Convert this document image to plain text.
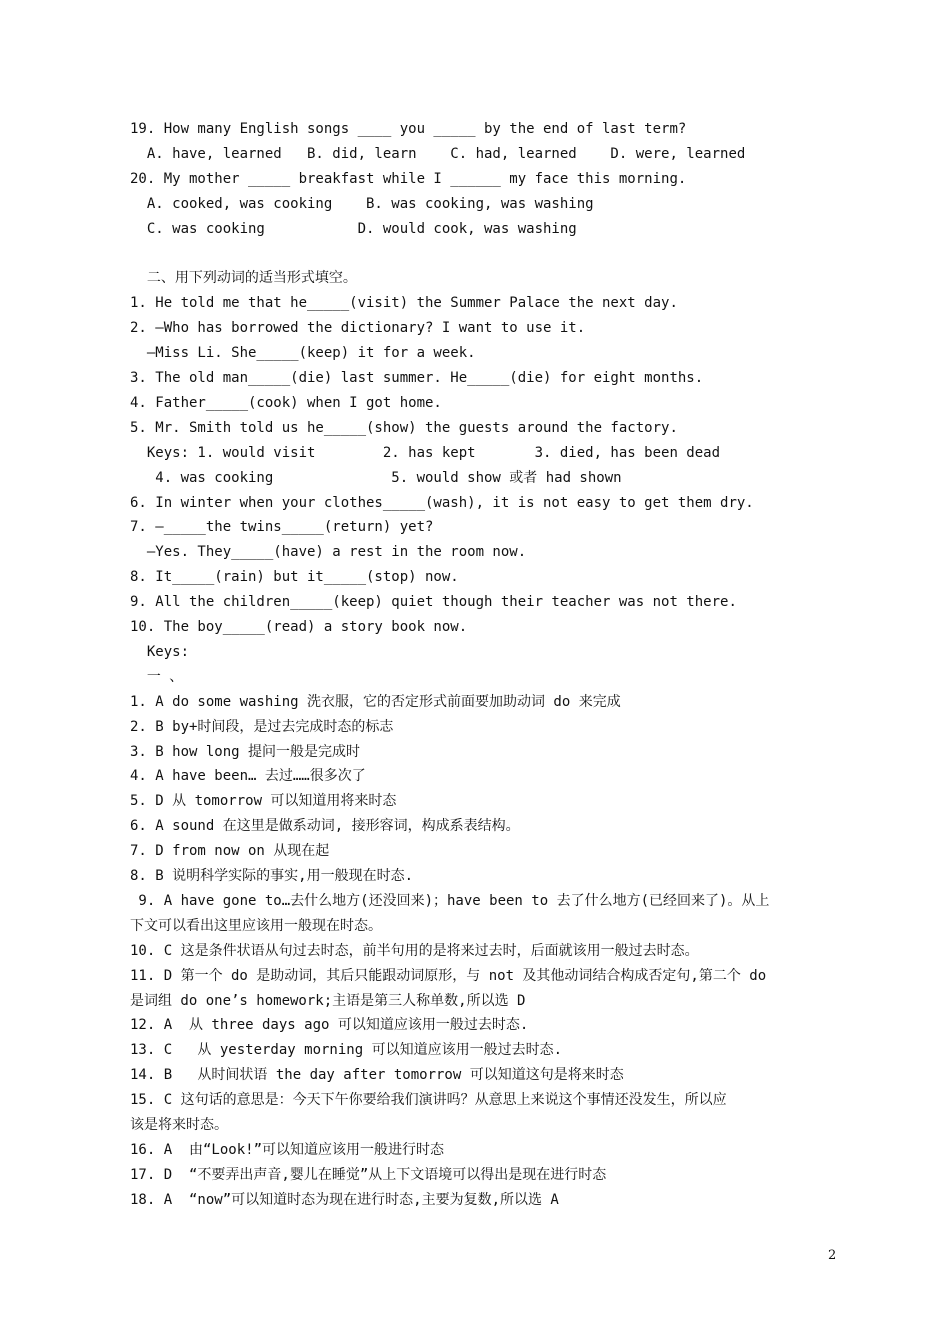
19. How many English songs ____ you _____ by the end of last term?
A. have, learned   B. did, learn    C. had, learned    D. were, learned
20. My mother _____ breakfast while I ______ my face this morning.
A. cooked, was cooking    B. was cooking, was washing
C. was cooking           D. would cook, was washing
二、用下列动词的适当形式填空。
1. He told me that he_____(visit) the Summer Palace the next day.
2. —Who has borrowed the dictionary? I want to use it.
—Miss Li. She_____(keep) it for a week.
3. The old man_____(die) last summer. He_____(die) for eight months.
4. Father_____(cook) when I got home.
5. Mr. Smith told us he_____(show) the guests around the factory.
Keys: 1. would visit        2. has kept       3. died, has been dead
4. was cooking              5. would show 或者 had shown
6. In winter when your clothes_____(wash), it is not easy to get them dry.
7. —_____the twins_____(return) yet?
—Yes. They_____(have) a rest in the room now.
8. It_____(rain) but it_____(stop) now.
9. All the children_____(keep) quiet though their teacher was not there.
10. The boy_____(read) a story book now.
Keys:
一 、
1. A do some washing 洗衣服，它的否定形式前面要加助动词 do 来完成
2. B by+时间段，是过去完成时态的标志
3. B how long 提问一般是完成时
4. A have been… 去过……很多次了
5. D 从 tomorrow 可以知道用将来时态
6. A sound 在这里是做系动词, 接形容词，构成系表结构。
7. D from now on 从现在起
8. B 说明科学实际的事实,用一般现在时态.
9. A have gone to…去什么地方(还没回来)；have been to 去了什么地方(已经回来了)。从上
下文可以看出这里应该用一般现在时态。
10. C 这是条件状语从句过去时态，前半句用的是将来过去时，后面就该用一般过去时态。
11. D 第一个 do 是助动词，其后只能跟动词原形，与 not 及其他动词结合构成否定句,第二个 do
是词组 do one’s homework;主语是第三人称单数,所以选 D
12. A  从 three days ago 可以知道应该用一般过去时态.
13. C   从 yesterday morning 可以知道应该用一般过去时态.
14. B   从时间状语 the day after tomorrow 可以知道这句是将来时态
15. C 这句话的意思是：今天下午你要给我们演讲吗？从意思上来说这个事情还没发生，所以应
该是将来时态。
16. A  由“Look!”可以知道应该用一般进行时态
17. D  “不要弄出声音,婴儿在睡觉”从上下文语境可以得出是现在进行时态
18. A  “now”可以知道时态为现在进行时态,主要为复数,所以选 A
2
